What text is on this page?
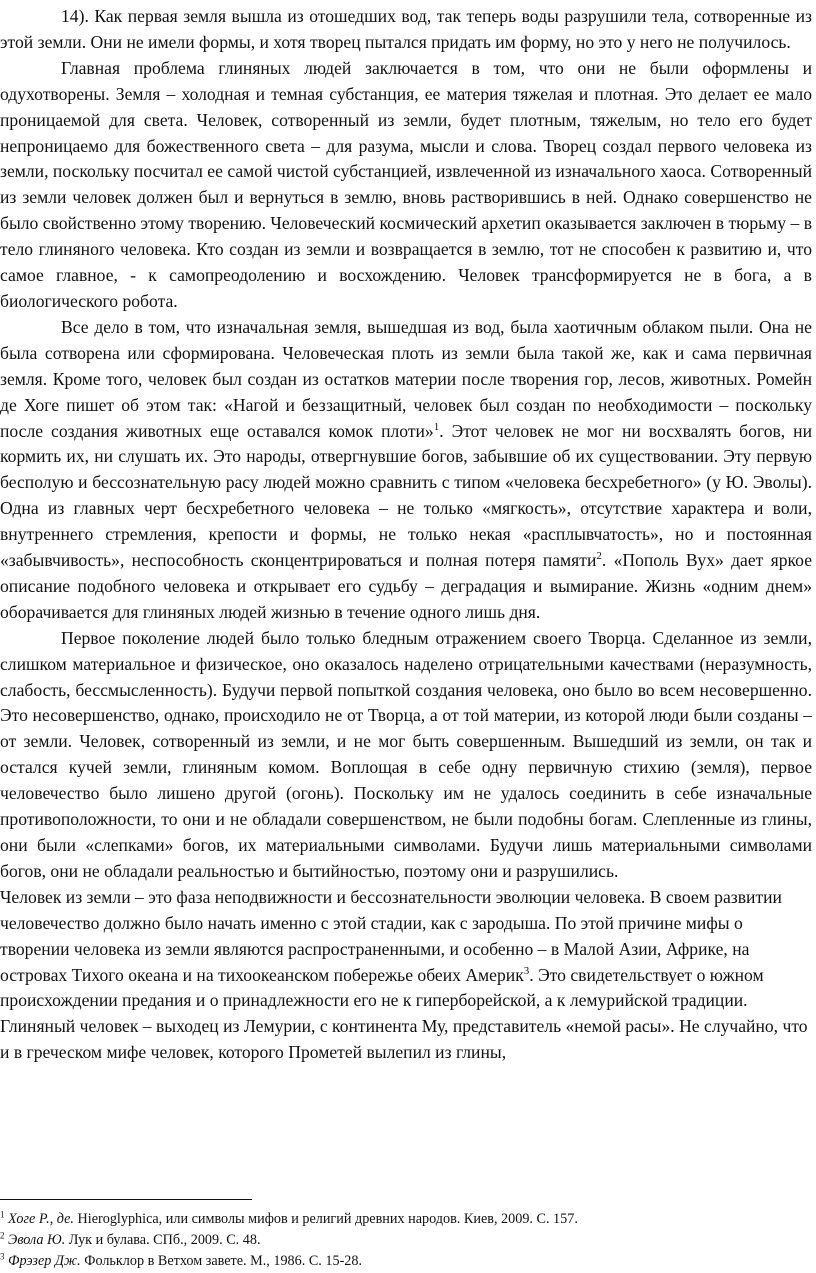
14). Как первая земля вышла из отошедших вод, так теперь воды разрушили тела, сотворенные из этой земли. Они не имели формы, и хотя творец пытался придать им форму, но это у него не получилось.

Главная проблема глиняных людей заключается в том, что они не были оформлены и одухотворены. Земля – холодная и темная субстанция, ее материя тяжелая и плотная. Это делает ее мало проницаемой для света. Человек, сотворенный из земли, будет плотным, тяжелым, но тело его будет непроницаемо для божественного света – для разума, мысли и слова. Творец создал первого человека из земли, поскольку посчитал ее самой чистой субстанцией, извлеченной из изначального хаоса. Сотворенный из земли человек должен был и вернуться в землю, вновь растворившись в ней. Однако совершенство не было свойственно этому творению. Человеческий космический архетип оказывается заключен в тюрьму – в тело глиняного человека. Кто создан из земли и возвращается в землю, тот не способен к развитию и, что самое главное, - к самопреодолению и восхождению. Человек трансформируется не в бога, а в биологического робота.

Все дело в том, что изначальная земля, вышедшая из вод, была хаотичным облаком пыли. Она не была сотворена или сформирована. Человеческая плоть из земли была такой же, как и сама первичная земля. Кроме того, человек был создан из остатков материи после творения гор, лесов, животных. Ромейн де Хоге пишет об этом так: «Нагой и беззащитный, человек был создан по необходимости – поскольку после создания животных еще оставался комок плоти»$^1$. Этот человек не мог ни восхвалять богов, ни кормить их, ни слушать их. Это народы, отвергнувшие богов, забывшие об их существовании. Эту первую бесполую и бессознательную расу людей можно сравнить с типом «человека бесхребетного» (у Ю. Эволы). Одна из главных черт бесхребетного человека – не только «мягкость», отсутствие характера и воли, внутреннего стремления, крепости и формы, не только некая «расплывчатость», но и постоянная «забывчивость», неспособность сконцентрироваться и полная потеря памяти$^2$. «Пополь Вух» дает яркое описание подобного человека и открывает его судьбу – деградация и вымирание. Жизнь «одним днем» оборачивается для глиняных людей жизнью в течение одного лишь дня.

Первое поколение людей было только бледным отражением своего Творца. Сделанное из земли, слишком материальное и физическое, оно оказалось наделено отрицательными качествами (неразумность, слабость, бессмысленность). Будучи первой попыткой создания человека, оно было во всем несовершенно. Это несовершенство, однако, происходило не от Творца, а от той материи, из которой люди были созданы – от земли. Человек, сотворенный из земли, и не мог быть совершенным. Вышедший из земли, он так и остался кучей земли, глиняным комом. Воплощая в себе одну первичную стихию (земля), первое человечество было лишено другой (огонь). Поскольку им не удалось соединить в себе изначальные противоположности, то они и не обладали совершенством, не были подобны богам. Слепленные из глины, они были «слепками» богов, их материальными символами. Будучи лишь материальными символами богов, они не обладали реальностью и бытийностью, поэтому они и разрушились.

Человек из земли – это фаза неподвижности и бессознательности эволюции человека. В своем развитии человечество должно было начать именно с этой стадии, как с зародыша. По этой причине мифы о творении человека из земли являются распространенными, и особенно – в Малой Азии, Африке, на островах Тихого океана и на тихоокеанском побережье обеих Америк$^3$. Это свидетельствует о южном происхождении предания и о принадлежности его не к гиперборейской, а к лемурийской традиции. Глиняный человек – выходец из Лемурии, с континента Му, представитель «немой расы». Не случайно, что и в греческом мифе человек, которого Прометей вылепил из глины,

$^1$ Хоге Р., де. Hieroglyphica, или символы мифов и религий древних народов. Киев, 2009. С. 157.

$^2$ Эвола Ю. Лук и булава. СПб., 2009. С. 48.

$^3$ Фрэзер Дж. Фольклор в Ветхом завете. М., 1986. С. 15-28.
